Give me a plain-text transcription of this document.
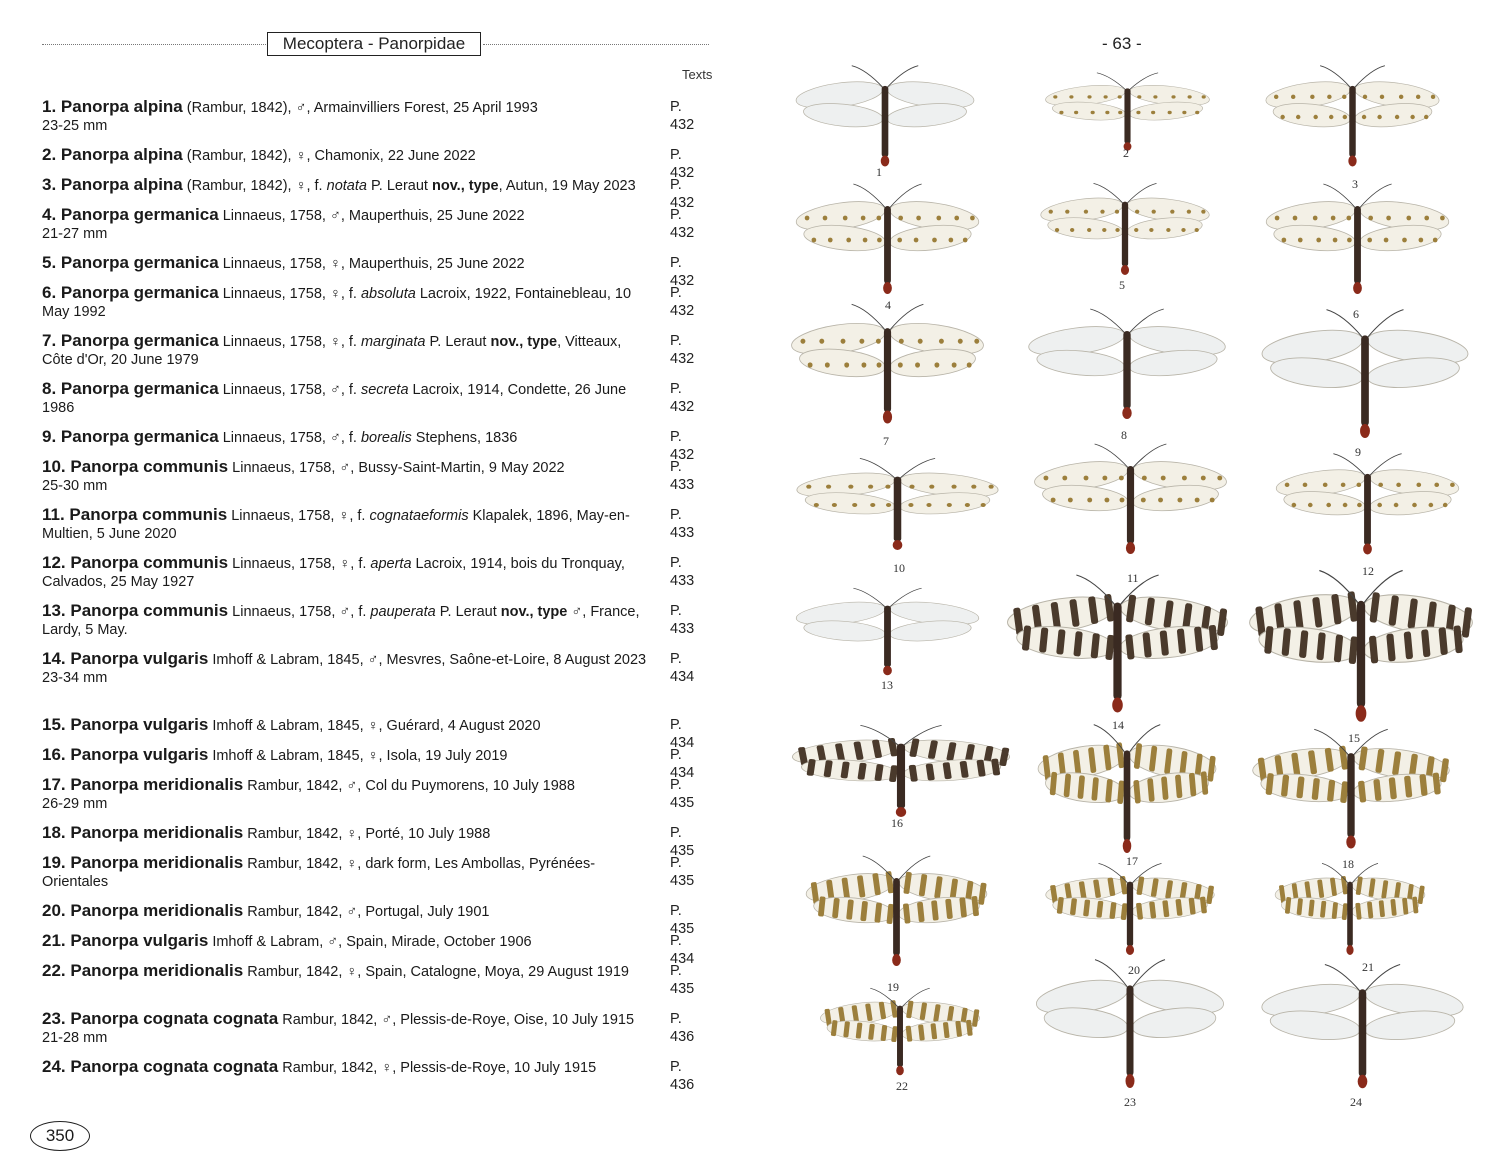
Mecoptera - Panorpidae
Texts
1. Panorpa alpina (Rambur, 1842), ♂, Armainvilliers Forest, 25 April 1993
23-25 mm
P. 432
2. Panorpa alpina (Rambur, 1842), ♀, Chamonix, 22 June 2022	P. 432
3. Panorpa alpina (Rambur, 1842), ♀, f. notata P. Leraut nov., type, Autun, 19 May 2023	P. 432
4. Panorpa germanica Linnaeus, 1758, ♂, Mauperthuis, 25 June 2022
21-27 mm
P. 432
5. Panorpa germanica Linnaeus, 1758, ♀, Mauperthuis, 25 June 2022	P. 432
6. Panorpa germanica Linnaeus, 1758, ♀, f. absoluta Lacroix, 1922, Fontainebleau, 10 May 1992
P. 432
7. Panorpa germanica Linnaeus, 1758, ♀, f. marginata P. Leraut nov., type, Vitteaux, Côte d'Or, 20 June 1979
P. 432
8. Panorpa germanica Linnaeus, 1758, ♂, f. secreta Lacroix, 1914, Condette, 26 June 1986
P. 432
9. Panorpa germanica Linnaeus, 1758, ♂, f. borealis Stephens, 1836	P. 432
10. Panorpa communis Linnaeus, 1758, ♂, Bussy-Saint-Martin, 9 May 2022
25-30 mm
P. 433
11. Panorpa communis Linnaeus, 1758, ♀, f. cognataeformis Klapalek, 1896, May-en-Multien, 5 June 2020
P. 433
12. Panorpa communis Linnaeus, 1758, ♀, f. aperta Lacroix, 1914, bois du Tronquay, Calvados, 25 May 1927
P. 433
13. Panorpa communis Linnaeus, 1758, ♂, f. pauperata P. Leraut nov., type ♂, France, Lardy, 5 May.
P. 433
14. Panorpa vulgaris Imhoff & Labram, 1845, ♂, Mesvres, Saône-et-Loire, 8 August 2023
23-34 mm
P. 434
15. Panorpa vulgaris Imhoff & Labram, 1845, ♀, Guérard, 4 August 2020	P. 434
16. Panorpa vulgaris Imhoff & Labram, 1845, ♀, Isola, 19 July 2019	P. 434
17. Panorpa meridionalis Rambur, 1842, ♂, Col du Puymorens, 10 July 1988
26-29 mm
P. 435
18. Panorpa meridionalis Rambur, 1842, ♀, Porté, 10 July 1988	P. 435
19. Panorpa meridionalis Rambur, 1842, ♀, dark form, Les Ambollas, Pyrénées-Orientales
P. 435
20. Panorpa meridionalis Rambur, 1842, ♂, Portugal, July 1901	P. 435
21. Panorpa vulgaris Imhoff & Labram, ♂, Spain, Mirade, October 1906	P. 434
22. Panorpa meridionalis Rambur, 1842, ♀, Spain, Catalogne, Moya, 29 August 1919	P. 435
23. Panorpa cognata cognata Rambur, 1842, ♂, Plessis-de-Roye, Oise, 10 July 1915
21-28 mm
P. 436
24. Panorpa cognata cognata Rambur, 1842, ♀, Plessis-de-Roye, 10 July 1915	P. 436
350
- 63 -
1
2
3
4
5
6
7	8
9
10
11	12
13
14
15
16
17	18
19
20	21
22
23	24
